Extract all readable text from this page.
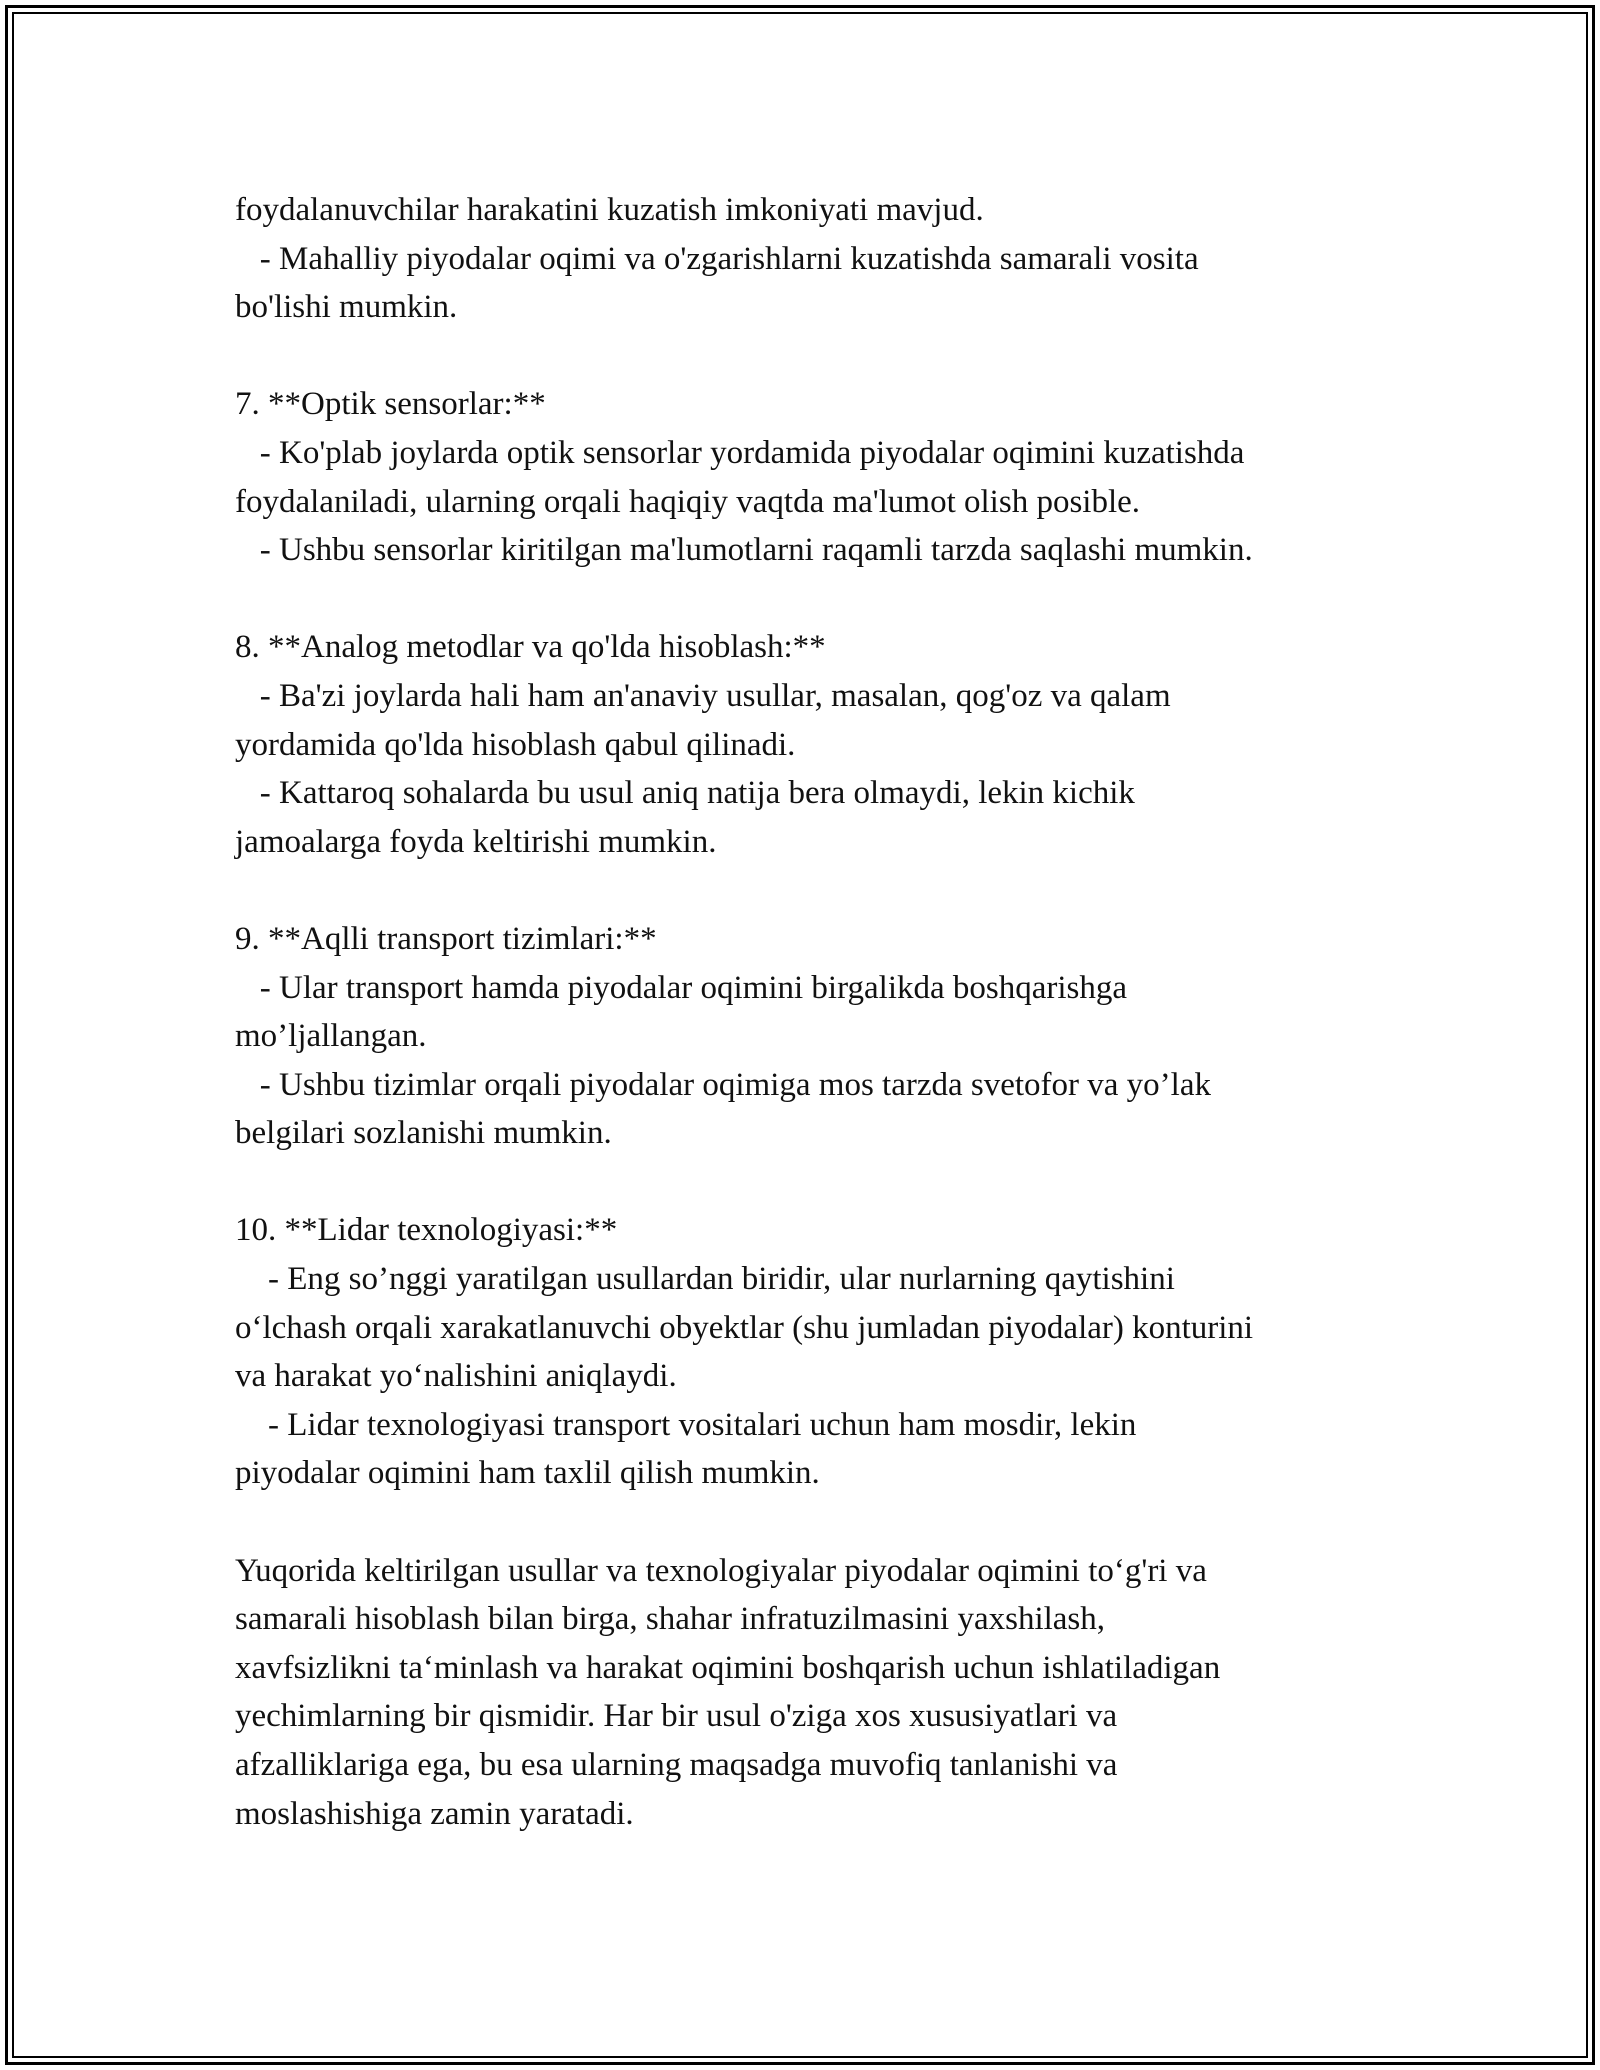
foydalanuvchilar harakatini kuzatish imkoniyati mavjud.
- Mahalliy piyodalar oqimi va o'zgarishlarni kuzatishda samarali vosita
bo'lishi mumkin.
7. **Optik sensorlar:**
- Ko'plab joylarda optik sensorlar yordamida piyodalar oqimini kuzatishda
foydalaniladi, ularning orqali haqiqiy vaqtda ma'lumot olish posible.
- Ushbu sensorlar kiritilgan ma'lumotlarni raqamli tarzda saqlashi mumkin.
8. **Analog metodlar va qo'lda hisoblash:**
- Ba'zi joylarda hali ham an'anaviy usullar, masalan, qog'oz va qalam
yordamida qo'lda hisoblash qabul qilinadi.
- Kattaroq sohalarda bu usul aniq natija bera olmaydi, lekin kichik
jamoalarga foyda keltirishi mumkin.
9. **Aqlli transport tizimlari:**
- Ular transport hamda piyodalar oqimini birgalikda boshqarishga
mo’ljallangan.
- Ushbu tizimlar orqali piyodalar oqimiga mos tarzda svetofor va yo’lak
belgilari sozlanishi mumkin.
10. **Lidar texnologiyasi:**
- Eng so’nggi yaratilgan usullardan biridir, ular nurlarning qaytishini
o‘lchash orqali xarakatlanuvchi obyektlar (shu jumladan piyodalar) konturini
va harakat yo‘nalishini aniqlaydi.
- Lidar texnologiyasi transport vositalari uchun ham mosdir, lekin
piyodalar oqimini ham taxlil qilish mumkin.
Yuqorida keltirilgan usullar va texnologiyalar piyodalar oqimini to‘g'ri va
samarali hisoblash bilan birga, shahar infratuzilmasini yaxshilash,
xavfsizlikni ta‘minlash va harakat oqimini boshqarish uchun ishlatiladigan
yechimlarning bir qismidir. Har bir usul o'ziga xos xususiyatlari va
afzalliklariga ega, bu esa ularning maqsadga muvofiq tanlanishi va
moslashishiga zamin yaratadi.
